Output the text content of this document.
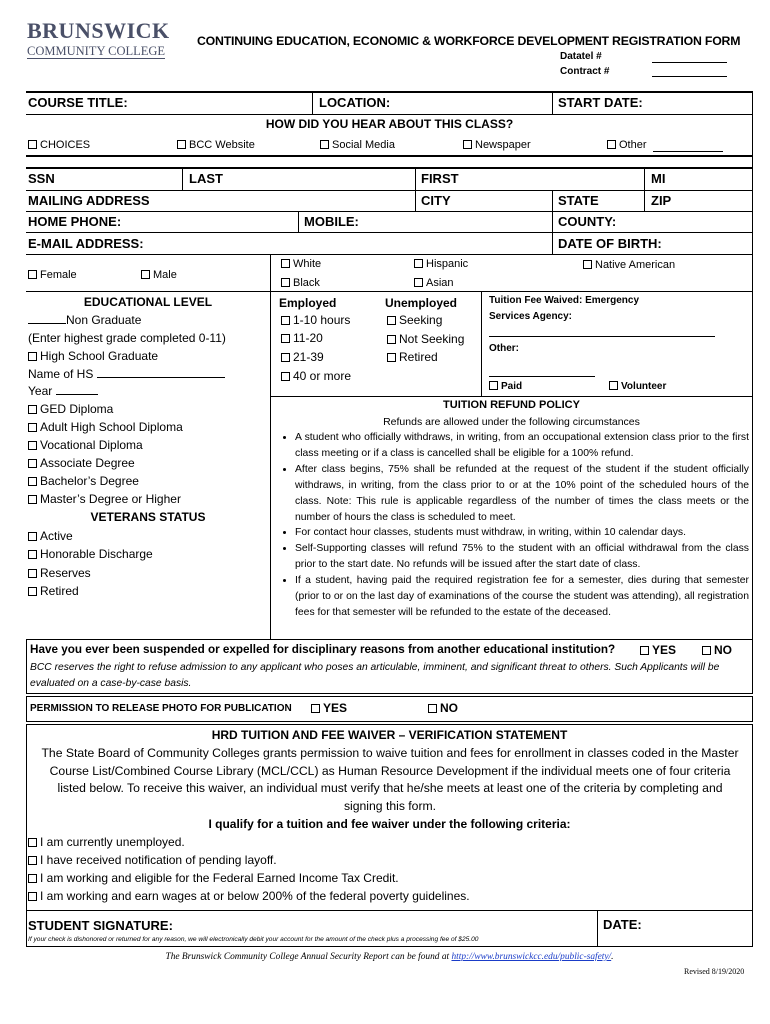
BRUNSWICK
COMMUNITY COLLEGE
CONTINUING EDUCATION, ECONOMIC & WORKFORCE DEVELOPMENT REGISTRATION FORM
Datatel #
Contract #
COURSE TITLE:	LOCATION:	START DATE:
HOW DID YOU HEAR ABOUT THIS CLASS?
CHOICES	BCC Website	Social Media	Newspaper	Other
SSN	LAST	FIRST	MI
MAILING ADDRESS	CITY	STATE	ZIP
HOME PHONE:	MOBILE:	COUNTY:
E-MAIL ADDRESS:	DATE OF BIRTH:
Female	Male
White	Hispanic	Native American
Black	Asian
EDUCATIONAL LEVEL
Non Graduate
(Enter highest grade completed 0-11)
High School Graduate
Name of HS
Year
GED Diploma
Adult High School Diploma
Vocational Diploma
Associate Degree
Bachelor’s Degree
Master’s Degree or Higher
VETERANS STATUS
Active
Honorable Discharge
Reserves
Retired
Employed
1-10 hours
11-20
21-39
40 or more
Unemployed
Seeking
Not Seeking
Retired
Tuition Fee Waived: Emergency
Services Agency:
Other:
Paid	Volunteer
TUITION REFUND POLICY
Refunds are allowed under the following circumstances
• A student who officially withdraws, in writing, from an occupational extension class prior to the first class meeting or if a class is cancelled shall be eligible for a 100% refund.
• After class begins, 75% shall be refunded at the request of the student if the student officially withdraws, in writing, from the class prior to or at the 10% point of the scheduled hours of the class. Note: This rule is applicable regardless of the number of times the class meets or the number of hours the class is scheduled to meet.
• For contact hour classes, students must withdraw, in writing, within 10 calendar days.
• Self-Supporting classes will refund 75% to the student with an official withdrawal from the class prior to the start date. No refunds will be issued after the start date of class.
• If a student, having paid the required registration fee for a semester, dies during that semester (prior to or on the last day of examinations of the course the student was attending), all registration fees for that semester will be refunded to the estate of the deceased.
Have you ever been suspended or expelled for disciplinary reasons from another educational institution?	YES	NO
BCC reserves the right to refuse admission to any applicant who poses an articulable, imminent, and significant threat to others. Such Applicants will be evaluated on a case-by-case basis.
PERMISSION TO RELEASE PHOTO FOR PUBLICATION	YES	NO
HRD TUITION AND FEE WAIVER – VERIFICATION STATEMENT
The State Board of Community Colleges grants permission to waive tuition and fees for enrollment in classes coded in the Master Course List/Combined Course Library (MCL/CCL) as Human Resource Development if the individual meets one of four criteria listed below. To receive this waiver, an individual must verify that he/she meets at least one of the criteria by completing and signing this form.
I qualify for a tuition and fee waiver under the following criteria:
I am currently unemployed.
I have received notification of pending layoff.
I am working and eligible for the Federal Earned Income Tax Credit.
I am working and earn wages at or below 200% of the federal poverty guidelines.
STUDENT SIGNATURE:	DATE:
If your check is dishonored or returned for any reason, we will electronically debit your account for the amount of the check plus a processing fee of $25.00
The Brunswick Community College Annual Security Report can be found at http://www.brunswickcc.edu/public-safety/.
Revised 8/19/2020
